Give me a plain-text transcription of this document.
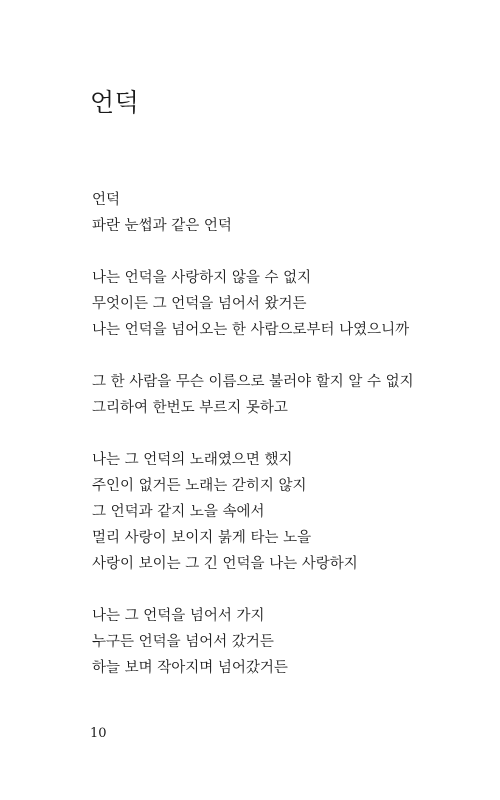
언덕
언덕
파란 눈썹과 같은 언덕
나는 언덕을 사랑하지 않을 수 없지
무엇이든 그 언덕을 넘어서 왔거든
나는 언덕을 넘어오는 한 사람으로부터 나였으니까
그 한 사람을 무슨 이름으로 불러야 할지 알 수 없지
그리하여 한번도 부르지 못하고
나는 그 언덕의 노래였으면 했지
주인이 없거든 노래는 갇히지 않지
그 언덕과 같지 노을 속에서
멀리 사랑이 보이지 붉게 타는 노을
사랑이 보이는 그 긴 언덕을 나는 사랑하지
나는 그 언덕을 넘어서 가지
누구든 언덕을 넘어서 갔거든
하늘 보며 작아지며 넘어갔거든
10
